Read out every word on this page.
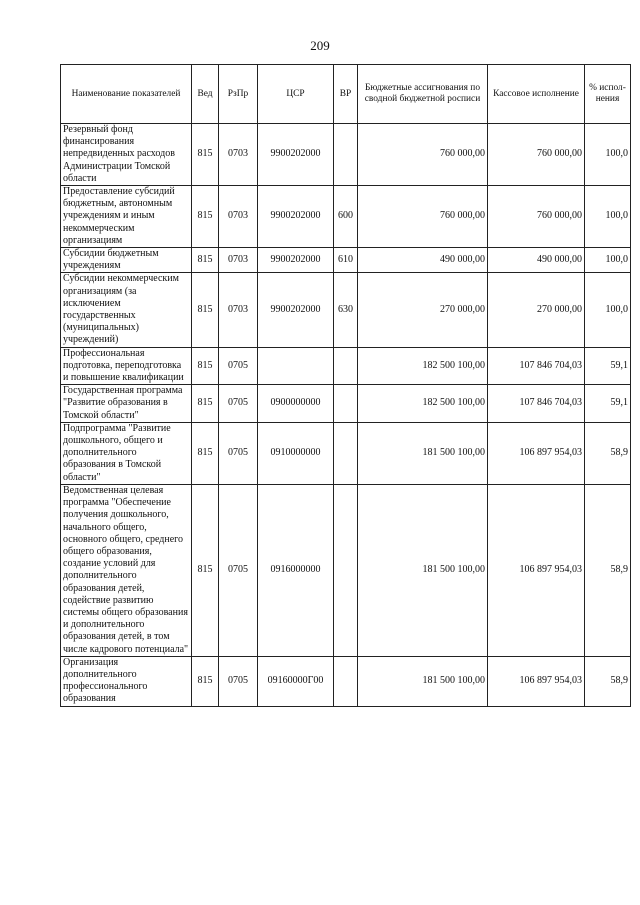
209
Наименование показателей	Вед	РзПр	ЦСР	ВР	Бюджетные ассигнования по сводной бюджетной росписи	Кассовое исполнение	% испол-нения
Резервный фонд финансирования непредвиденных расходов Администрации Томской области	815	0703	9900202000		760 000,00	760 000,00	100,0
Предоставление субсидий бюджетным, автономным учреждениям и иным некоммерческим организациям	815	0703	9900202000	600	760 000,00	760 000,00	100,0
Субсидии бюджетным учреждениям	815	0703	9900202000	610	490 000,00	490 000,00	100,0
Субсидии некоммерческим организациям (за исключением государственных (муниципальных) учреждений)	815	0703	9900202000	630	270 000,00	270 000,00	100,0
Профессиональная подготовка, переподготовка и повышение квалификации	815	0705			182 500 100,00	107 846 704,03	59,1
Государственная программа "Развитие образования в Томской области"	815	0705	0900000000		182 500 100,00	107 846 704,03	59,1
Подпрограмма "Развитие дошкольного, общего и дополнительного образования в Томской области"	815	0705	0910000000		181 500 100,00	106 897 954,03	58,9
Ведомственная целевая программа "Обеспечение получения дошкольного, начального общего, основного общего, среднего общего образования, создание условий для дополнительного образования детей, содействие развитию системы общего образования и дополнительного образования детей, в том числе кадрового потенциала"	815	0705	0916000000		181 500 100,00	106 897 954,03	58,9
Организация дополнительного профессионального образования	815	0705	09160000Г00		181 500 100,00	106 897 954,03	58,9
